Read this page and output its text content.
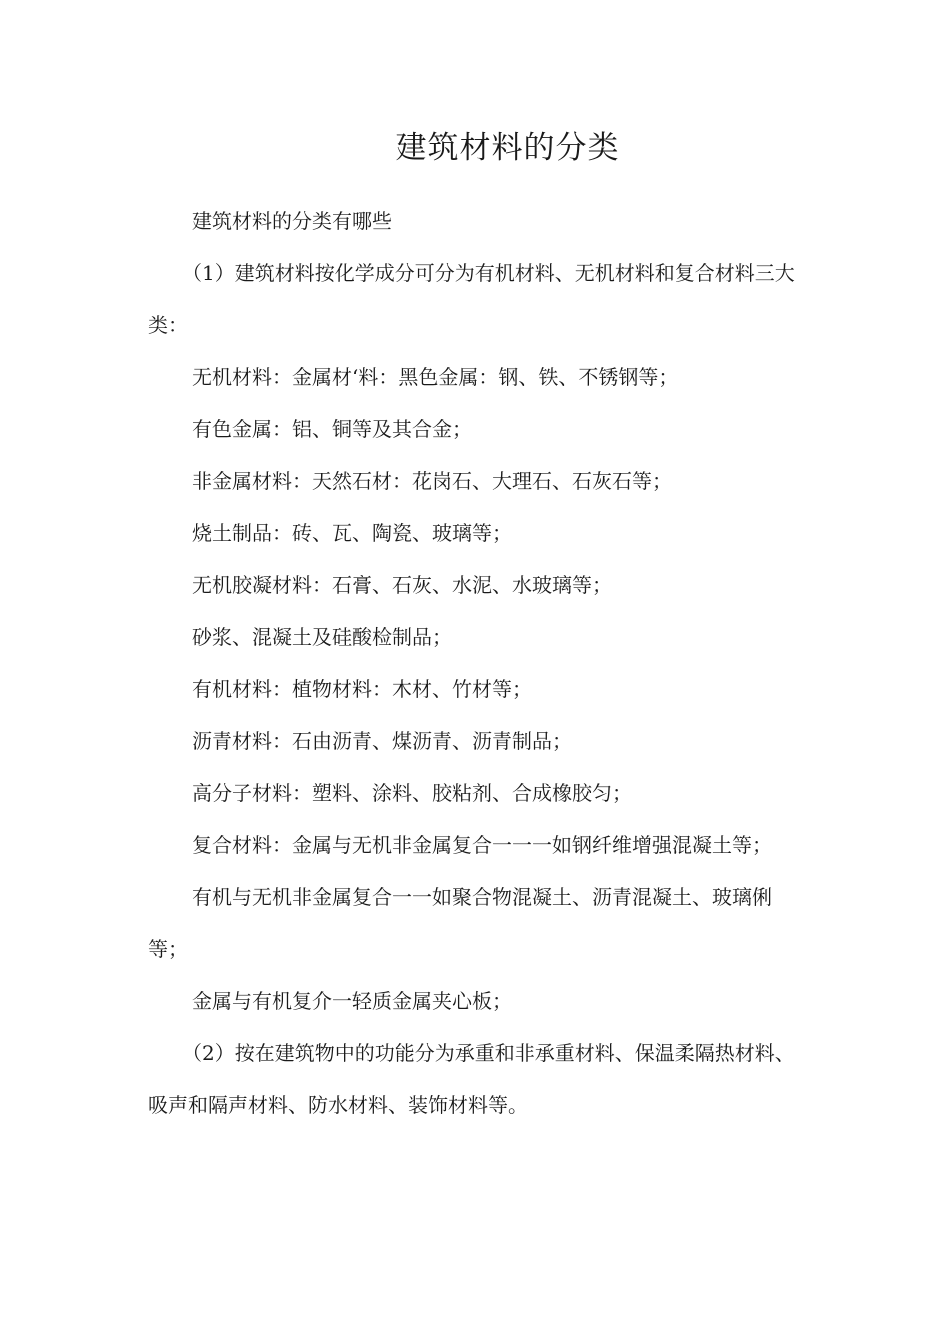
建筑材料的分类

建筑材料的分类有哪些

（1）建筑材料按化学成分可分为有机材料、无机材料和复合材料三大类：

无机材料：金属材‘料：黑色金属：钢、铁、不锈钢等；

有色金属：铝、铜等及其合金；

非金属材料：天然石材：花岗石、大理石、石灰石等；

烧土制品：砖、瓦、陶瓷、玻璃等；

无机胶凝材料：石膏、石灰、水泥、水玻璃等；

砂浆、混凝土及硅酸检制品；

有机材料：植物材料：木材、竹材等；

沥青材料：石由沥青、煤沥青、沥青制品；

高分子材料：塑料、涂料、胶粘剂、合成橡胶匀；

复合材料：金属与无机非金属复合一一一如钢纤维增强混凝土等；

有机与无机非金属复合一一如聚合物混凝土、沥青混凝土、玻璃俐等；

金属与有机复介一轻质金属夹心板；

（2）按在建筑物中的功能分为承重和非承重材料、保温柔隔热材料、吸声和隔声材料、防水材料、装饰材料等。
